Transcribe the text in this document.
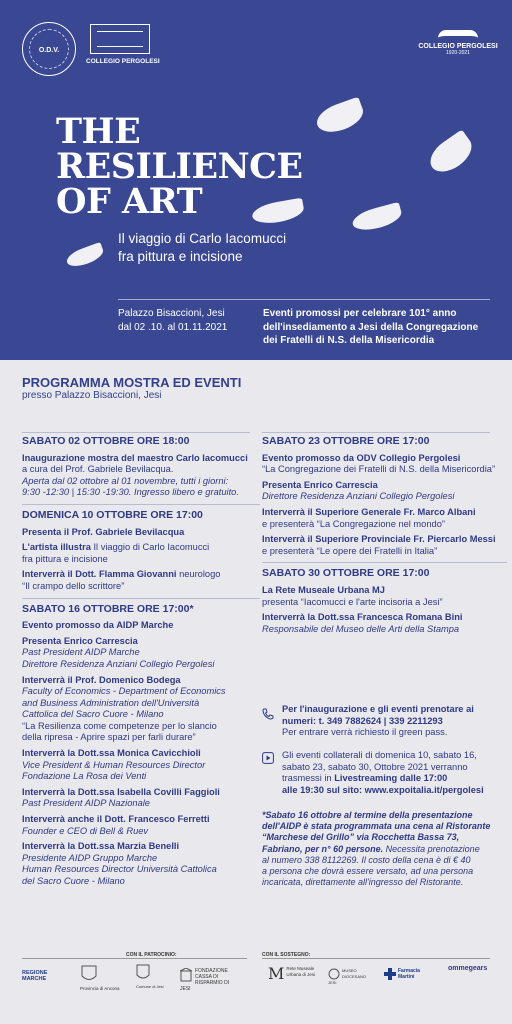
O.D.V.
COLLEGIO PERGOLESI
COLLEGIO PERGOLESI
1920-2021
THE
RESILIENCE
OF ART
Il viaggio di Carlo Iacomucci
fra pittura e incisione
Palazzo Bisaccioni, Jesi
dal 02 .10. al 01.11.2021
Eventi promossi per celebrare 101° anno
dell'insediamento a Jesi della Congregazione
dei Fratelli di N.S. della Misericordia
PROGRAMMA MOSTRA ED EVENTI
presso Palazzo Bisaccioni, Jesi
SABATO 02 OTTOBRE ORE 18:00
Inaugurazione mostra del maestro Carlo Iacomucci
a cura del Prof. Gabriele Bevilacqua.
Aperta dal 02 ottobre al 01 novembre, tutti i giorni:
9:30 -12:30 | 15:30 -19:30. Ingresso libero e gratuito.
DOMENICA 10 OTTOBRE ORE 17:00
Presenta il Prof. Gabriele Bevilacqua
L'artista illustra Il viaggio di Carlo Iacomucci
fra pittura e incisione
Interverrà il Dott. Flamma Giovanni neurologo
“Il crampo dello scrittore”
SABATO 16 OTTOBRE ORE 17:00*
Evento promosso da AIDP Marche
Presenta Enrico Carrescia
Past President AIDP Marche
Direttore Residenza Anziani Collegio Pergolesi
Interverrà il Prof. Domenico Bodega
Faculty of Economics - Department of Economics
and Business Administration dell'Università
Cattolica del Sacro Cuore - Milano
“La Resilienza come competenze per lo slancio
della ripresa - Aprire spazi per farli durare”
Interverrà la Dott.ssa Monica Cavicchioli
Vice President & Human Resources Director
Fondazione La Rosa dei Venti
Interverrà la Dott.ssa Isabella Covilli Faggioli
Past President AIDP Nazionale
Interverrà anche il Dott. Francesco Ferretti
Founder e CEO di Bell & Ruev
Interverrà la Dott.ssa Marzia Benelli
Presidente AIDP Gruppo Marche
Human Resources Director Università Cattolica
del Sacro Cuore - Milano
SABATO 23 OTTOBRE ORE 17:00
Evento promosso da ODV Collegio Pergolesi
“La Congregazione dei Fratelli di N.S. della Misericordia”
Presenta Enrico Carrescia
Direttore Residenza Anziani Collegio Pergolesi
Interverrà il Superiore Generale Fr. Marco Albani
e presenterà “La Congregazione nel mondo”
Interverrà il Superiore Provinciale Fr. Piercarlo Messi
e presenterà “Le opere dei Fratelli in Italia”
SABATO 30 OTTOBRE ORE 17:00
La Rete Museale Urbana MJ
presenta “Iacomucci e l'arte incisoria a Jesi”
Interverrà la Dott.ssa Francesca Romana Bini
Responsabile del Museo delle Arti della Stampa
Per l'inaugurazione e gli eventi prenotare ai
numeri: t. 349 7882624 | 339 2211293
Per entrare verrà richiesto il green pass.
Gli eventi collaterali di domenica 10, sabato 16,
sabato 23, sabato 30, Ottobre 2021 verranno
trasmessi in Livestreaming dalle 17:00
alle 19:30 sul sito: www.expoitalia.it/pergolesi
*Sabato 16 ottobre al termine della presentazione
dell'AIDP è stata programmata una cena al Ristorante
“Marchese del Grillo” via Rocchetta Bassa 73,
Fabriano, per n° 60 persone. Necessita prenotazione
al numero 338 8112269. Il costo della cena è di € 40
a persona che dovrà essere versato, ad una persona
incaricata, direttamente all'ingresso del Ristorante.
CON IL PATROCINIO:	CON IL SOSTEGNO:
REGIONE MARCHE
Provincia di Ancona	Comune di Jesi
FONDAZIONE CASSA DI RISPARMIO DI JESI
M Rete Museale Urbana di Jesi
MUSEO DIOCESANO JESI
Farmacia Martini
ommegears
